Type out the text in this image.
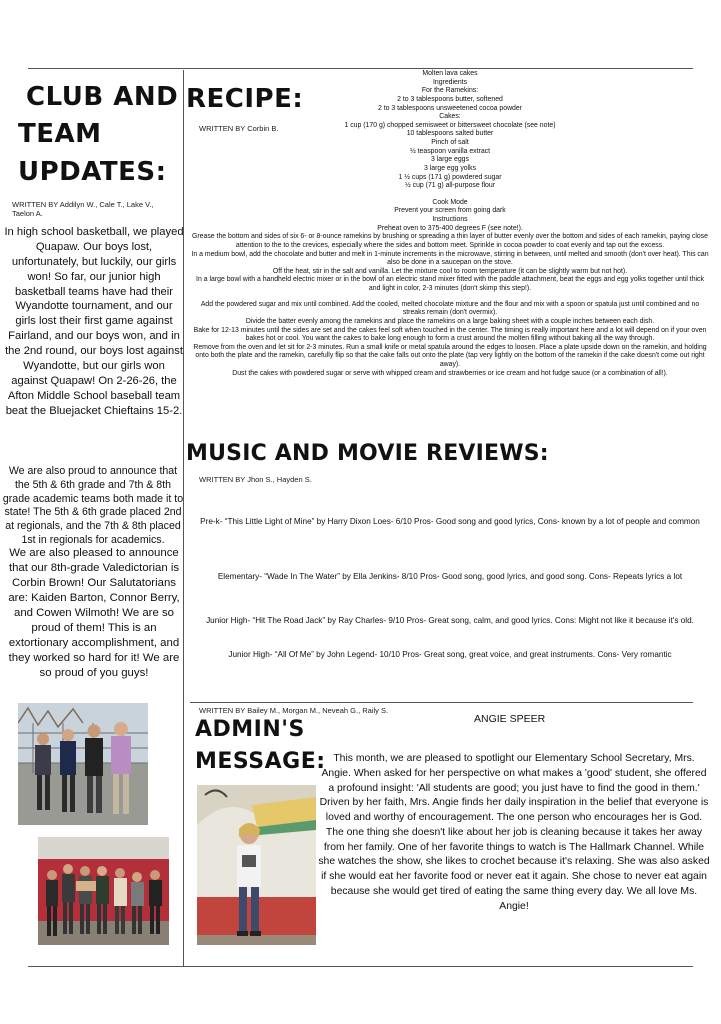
CLUB AND
TEAM
UPDATES:
WRITTEN BY Addilyn W., Cale T., Lake V., Taelon A.
In high school basketball, we played Quapaw. Our boys lost, unfortunately, but luckily, our girls won! So far, our junior high basketball teams have had their Wyandotte tournament, and our girls lost their first game against Fairland, and our boys won, and in the 2nd round, our boys lost against Wyandotte, but our girls won against Quapaw! On 2-26-26, the Afton Middle School baseball team beat the Bluejacket Chieftains 15-2.
We are also proud to announce that the 5th & 6th grade and 7th & 8th grade academic teams both made it to state! The 5th & 6th grade placed 2nd at regionals, and the 7th & 8th placed 1st in regionals for academics.
We are also pleased to announce that our 8th-grade Valedictorian is Corbin Brown! Our Salutatorians are: Kaiden Barton, Connor Berry, and Cowen Wilmoth! We are so proud of them! This is an extortionary accomplishment, and they worked so hard for it! We are so proud of you guys!
RECIPE:
WRITTEN BY Corbin B.
Molten lava cakes
Ingredients
For the Ramekins:
2 to 3 tablespoons butter, softened
2 to 3 tablespoons unsweetened cocoa powder
Cakes:
1 cup (170 g) chopped semisweet or bittersweet chocolate (see note)
10 tablespoons salted butter
Pinch of salt
½ teaspoon vanilla extract
3 large eggs
3 large egg yolks
1 ½ cups (171 g) powdered sugar
½ cup (71 g) all-purpose flour
Cook Mode
Prevent your screen from going dark
Instructions
Preheat oven to 375-400 degrees F (see note!).
Grease the bottom and sides of six 6- or 8-ounce ramekins by brushing or spreading a thin layer of butter evenly over the bottom and sides of each ramekin, paying close attention to the to the crevices, especially where the sides and bottom meet. Sprinkle in cocoa powder to coat evenly and tap out the excess.
In a medium bowl, add the chocolate and butter and melt in 1-minute increments in the microwave, stirring in between, until melted and smooth (don't over heat). This can also be done in a saucepan on the stove.
Off the heat, stir in the salt and vanilla. Let the mixture cool to room temperature (it can be slightly warm but not hot).
In a large bowl with a handheld electric mixer or in the bowl of an electric stand mixer fitted with the paddle attachment, beat the eggs and egg yolks together until thick and light in color, 2-3 minutes (don't skimp this step!).
Add the powdered sugar and mix until combined. Add the cooled, melted chocolate mixture and the flour and mix with a spoon or spatula just until combined and no streaks remain (don't overmix).
Divide the batter evenly among the ramekins and place the ramekins on a large baking sheet with a couple inches between each dish.
Bake for 12-13 minutes until the sides are set and the cakes feel soft when touched in the center. The timing is really important here and a lot will depend on if your oven bakes hot or cool. You want the cakes to bake long enough to form a crust around the molten filling without baking all the way through.
Remove from the oven and let sit for 2-3 minutes. Run a small knife or metal spatula around the edges to loosen. Place a plate upside down on the ramekin, and holding onto both the plate and the ramekin, carefully flip so that the cake falls out onto the plate (tap very lightly on the bottom of the ramekin if the cake doesn't come out right away).
Dust the cakes with powdered sugar or serve with whipped cream and strawberries or ice cream and hot fudge sauce (or a combination of all!).
MUSIC AND MOVIE REVIEWS:
WRITTEN BY Jhon S., Hayden S.
Pre-k- “This Little Light of Mine” by Harry Dixon Loes- 6/10 Pros- Good song and good lyrics, Cons- known by a lot of people and common
Elementary- “Wade In The Water” by Ella Jenkins- 8/10 Pros- Good song, good lyrics, and good song. Cons- Repeats lyrics a lot
Junior High- “Hit The Road Jack” by Ray Charles- 9/10 Pros- Great song, calm, and good lyrics. Cons: Might not like it because it's old.
Junior High- “All Of Me” by John Legend- 10/10 Pros- Great song, great voice, and great instruments. Cons- Very romantic
WRITTEN BY Bailey M., Morgan M., Neveah G., Raily S.
ADMIN'S
MESSAGE:
ANGIE SPEER
This month, we are pleased to spotlight our Elementary School Secretary, Mrs. Angie. When asked for her perspective on what makes a 'good' student, she offered a profound insight: 'All students are good; you just have to find the good in them.' Driven by her faith, Mrs. Angie finds her daily inspiration in the belief that everyone is loved and worthy of encouragement. The one person who encourages her is God. The one thing she doesn't like about her job is cleaning because it takes her away from her family. One of her favorite things to watch is The Hallmark Channel. While she watches the show, she likes to crochet because it's relaxing. She was also asked if she would eat her favorite food or never eat it again. She chose to never eat again because she would get tired of eating the same thing every day. We all love Ms. Angie!
